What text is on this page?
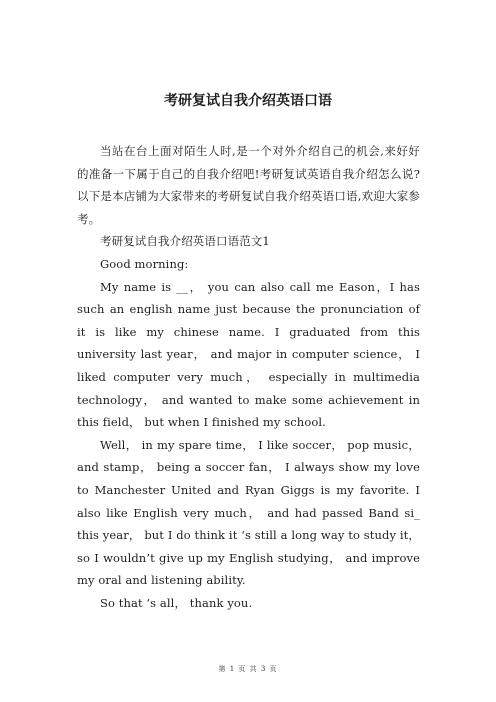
考研复试自我介绍英语口语

当站在台上面对陌生人时,是一个对外介绍自己的机会,来好好的准备一下属于自己的自我介绍吧!考研复试英语自我介绍怎么说?以下是本店铺为大家带来的考研复试自我介绍英语口语,欢迎大家参考。

考研复试自我介绍英语口语范文1

Good morning:

My name is __， you can also call me Eason，I has such an english name just because the pronunciation of it is like my chinese name. I graduated from this university last year， and major in computer science， I liked computer very much， especially in multimedia technology， and wanted to make some achievement in this field， but when I finished my school.

Well， in my spare time， I like soccer， pop music， and stamp， being a soccer fan， I always show my love to Manchester United and Ryan Giggs is my favorite. I also like English very much， and had passed Band si_ this year， but I do think it ‘s still a long way to study it， so I wouldn’t give up my English studying， and improve my oral and listening ability.

So that ‘s all， thank you.

第 1 页 共 3 页
